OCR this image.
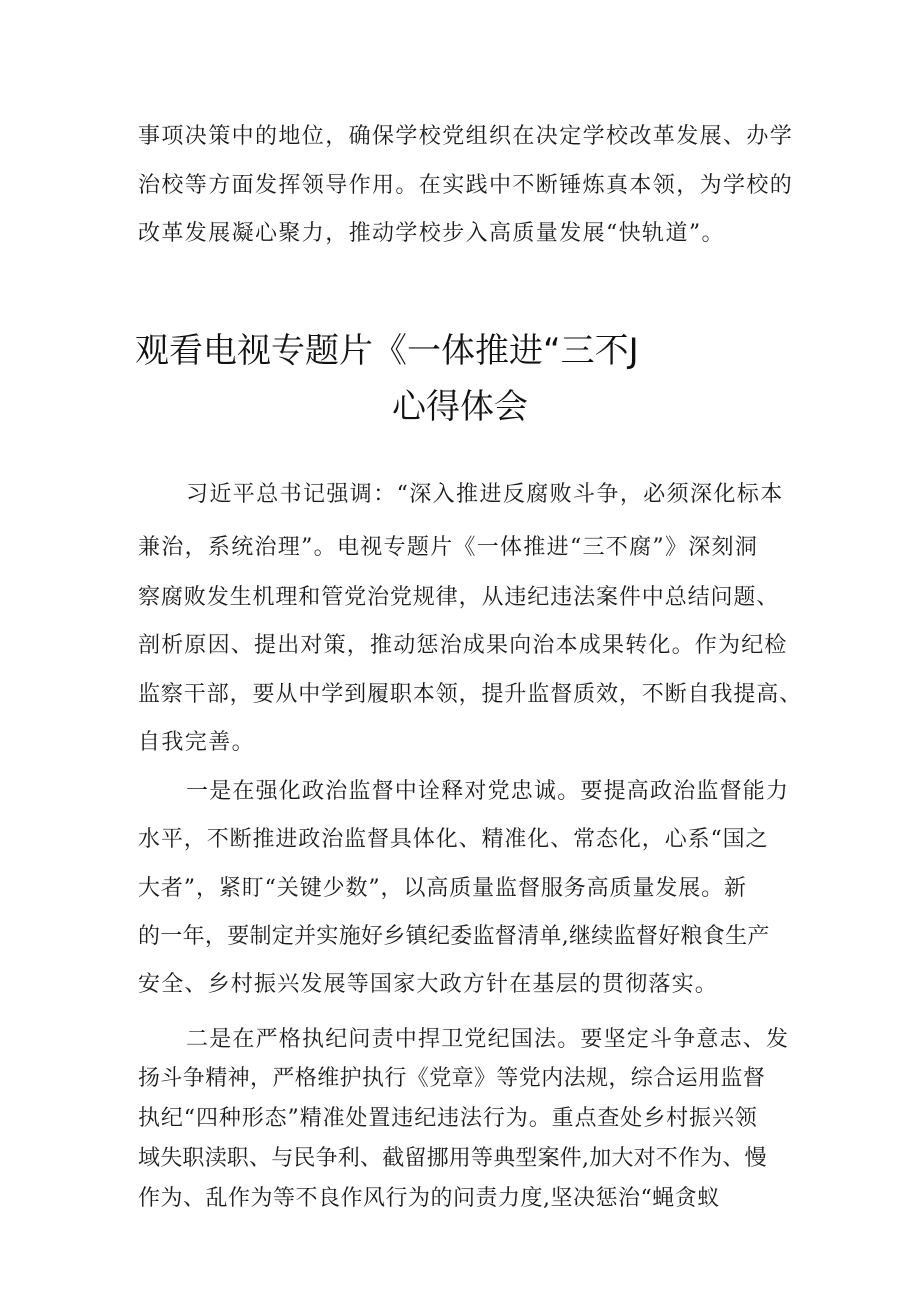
事项决策中的地位，确保学校党组织在决定学校改革发展、办学
治校等方面发挥领导作用。在实践中不断锤炼真本领，为学校的
改革发展凝心聚力，推动学校步入高质量发展“快轨道”。
观看电视专题片《一体推进“三不J
心得体会
习近平总书记强调：“深入推进反腐败斗争，必须深化标本
兼治，系统治理”。电视专题片《一体推进“三不腐”》深刻洞
察腐败发生机理和管党治党规律，从违纪违法案件中总结问题、
剖析原因、提出对策，推动惩治成果向治本成果转化。作为纪检
监察干部，要从中学到履职本领，提升监督质效，不断自我提高、
自我完善。
一是在强化政治监督中诠释对党忠诚。要提高政治监督能力
水平，不断推进政治监督具体化、精准化、常态化，心系“国之
大者”，紧盯“关键少数”，以高质量监督服务高质量发展。新
的一年，要制定并实施好乡镇纪委监督清单,继续监督好粮食生产
安全、乡村振兴发展等国家大政方针在基层的贯彻落实。
二是在严格执纪问责中捍卫党纪国法。要坚定斗争意志、发
扬斗争精神，严格维护执行《党章》等党内法规，综合运用监督
执纪“四种形态”精准处置违纪违法行为。重点查处乡村振兴领
域失职渎职、与民争利、截留挪用等典型案件,加大对不作为、慢
作为、乱作为等不良作风行为的问责力度,坚决惩治“蝇贪蚁
